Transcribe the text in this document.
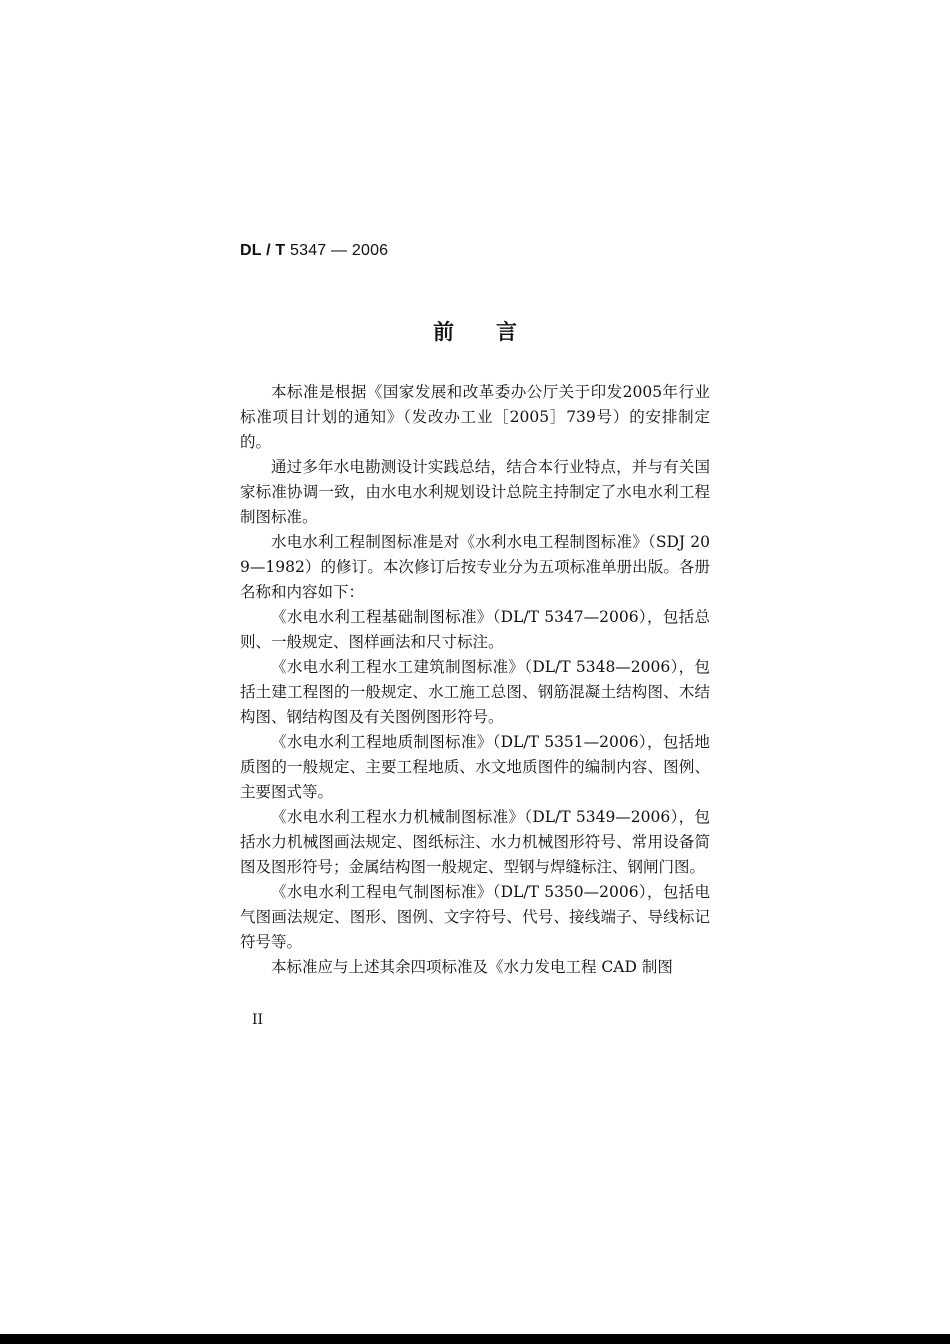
DL / T 5347 — 2006
前言

本标准是根据《国家发展和改革委办公厅关于印发2005年行业标准项目计划的通知》（发改办工业［2005］739号）的安排制定的。

通过多年水电勘测设计实践总结，结合本行业特点，并与有关国家标准协调一致，由水电水利规划设计总院主持制定了水电水利工程制图标准。

水电水利工程制图标准是对《水利水电工程制图标准》（SDJ 209—1982）的修订。本次修订后按专业分为五项标准单册出版。各册名称和内容如下：

《水电水利工程基础制图标准》（DL/T 5347—2006），包括总则、一般规定、图样画法和尺寸标注。

《水电水利工程水工建筑制图标准》（DL/T 5348—2006），包括土建工程图的一般规定、水工施工总图、钢筋混凝土结构图、木结构图、钢结构图及有关图例图形符号。

《水电水利工程地质制图标准》（DL/T 5351—2006），包括地质图的一般规定、主要工程地质、水文地质图件的编制内容、图例、主要图式等。

《水电水利工程水力机械制图标准》（DL/T 5349—2006），包括水力机械图画法规定、图纸标注、水力机械图形符号、常用设备简图及图形符号；金属结构图一般规定、型钢与焊缝标注、钢闸门图。

《水电水利工程电气制图标准》（DL/T 5350—2006），包括电气图画法规定、图形、图例、文字符号、代号、接线端子、导线标记符号等。

本标准应与上述其余四项标准及《水力发电工程 CAD 制图

II
